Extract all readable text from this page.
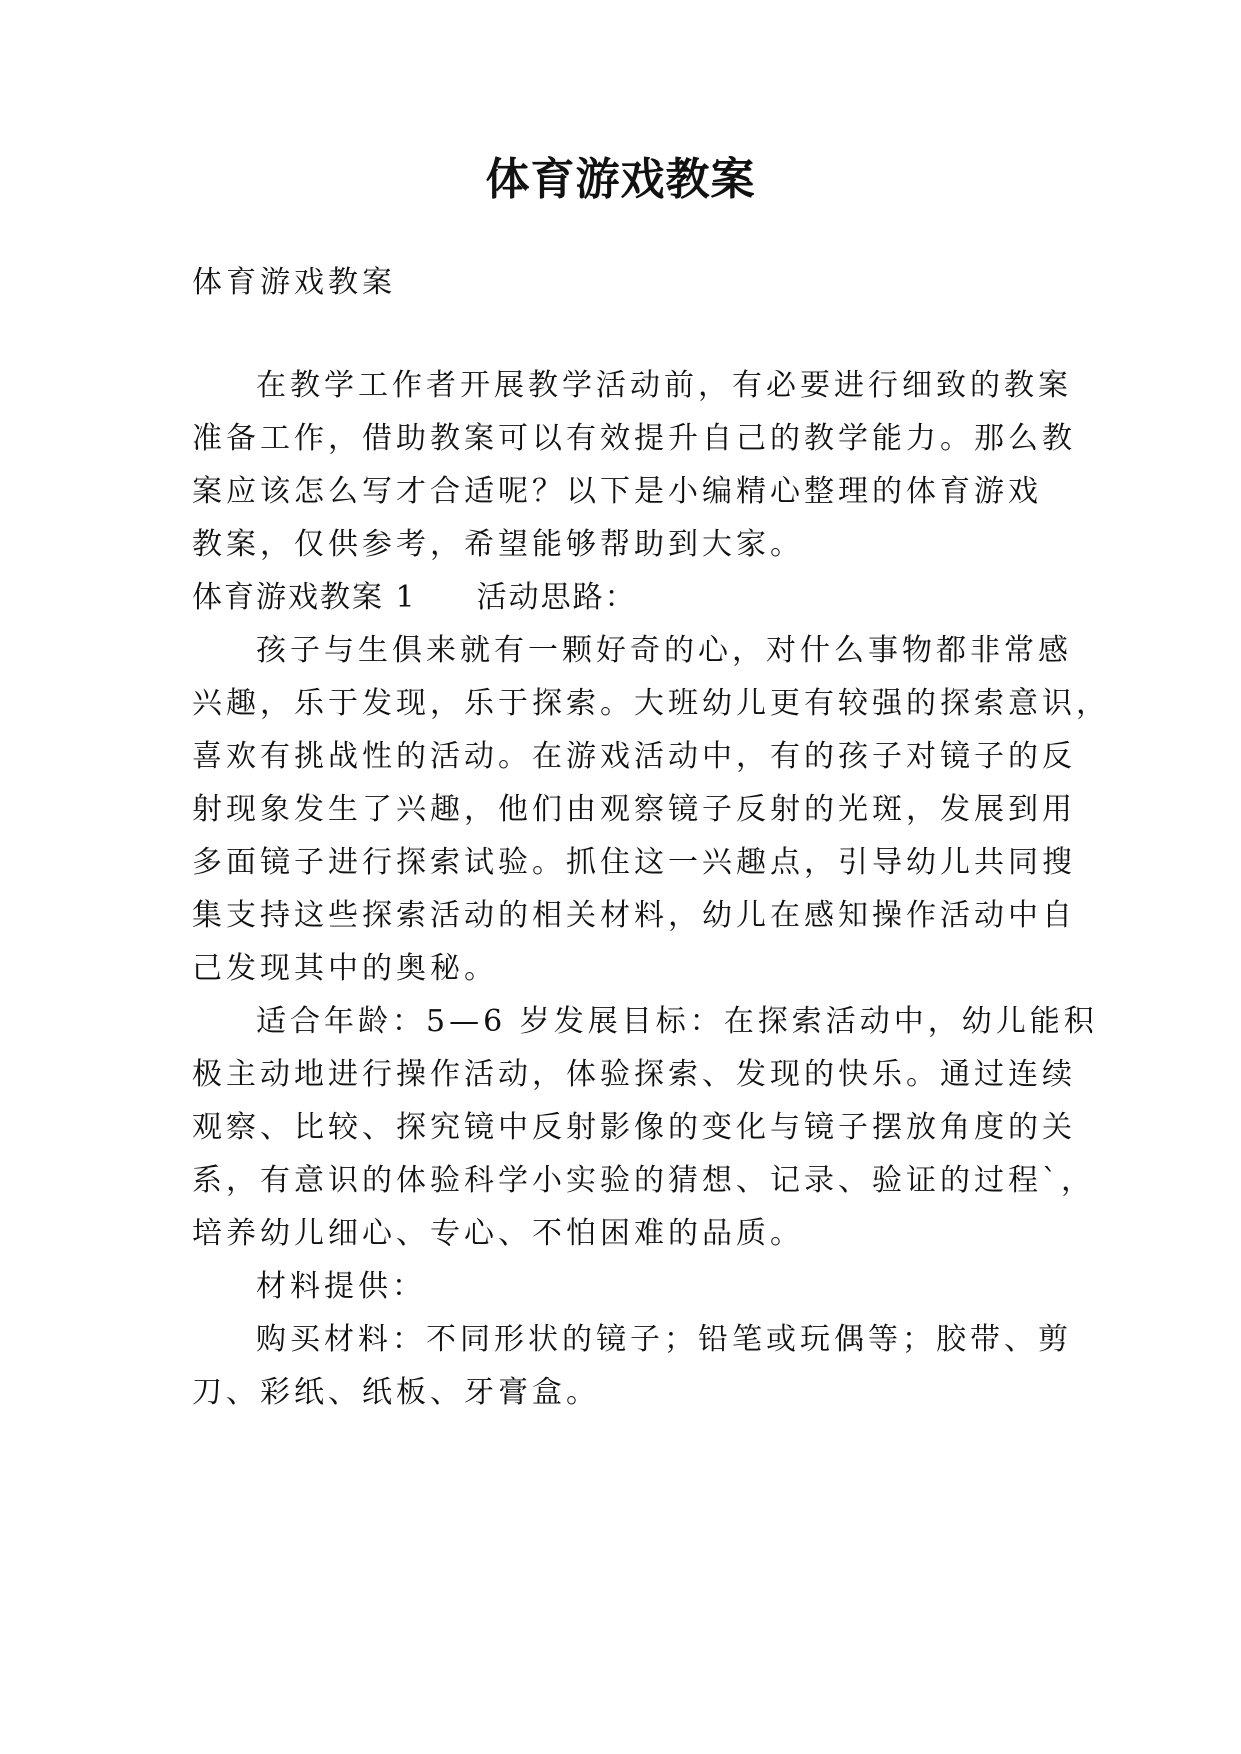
体育游戏教案
体育游戏教案
在教学工作者开展教学活动前，有必要进行细致的教案
准备工作，借助教案可以有效提升自己的教学能力。那么教
案应该怎么写才合适呢？以下是小编精心整理的体育游戏
教案，仅供参考，希望能够帮助到大家。
体育游戏教案 1 活动思路：
孩子与生俱来就有一颗好奇的心，对什么事物都非常感
兴趣，乐于发现，乐于探索。大班幼儿更有较强的探索意识，
喜欢有挑战性的活动。在游戏活动中，有的孩子对镜子的反
射现象发生了兴趣，他们由观察镜子反射的光斑，发展到用
多面镜子进行探索试验。抓住这一兴趣点，引导幼儿共同搜
集支持这些探索活动的相关材料，幼儿在感知操作活动中自
己发现其中的奥秘。
适合年龄：5—6 岁发展目标：在探索活动中，幼儿能积
极主动地进行操作活动，体验探索、发现的快乐。通过连续
观察、比较、探究镜中反射影像的变化与镜子摆放角度的关
系，有意识的体验科学小实验的猜想、记录、验证的过程`，
培养幼儿细心、专心、不怕困难的品质。
材料提供：
购买材料：不同形状的镜子；铅笔或玩偶等；胶带、剪
刀、彩纸、纸板、牙膏盒。
